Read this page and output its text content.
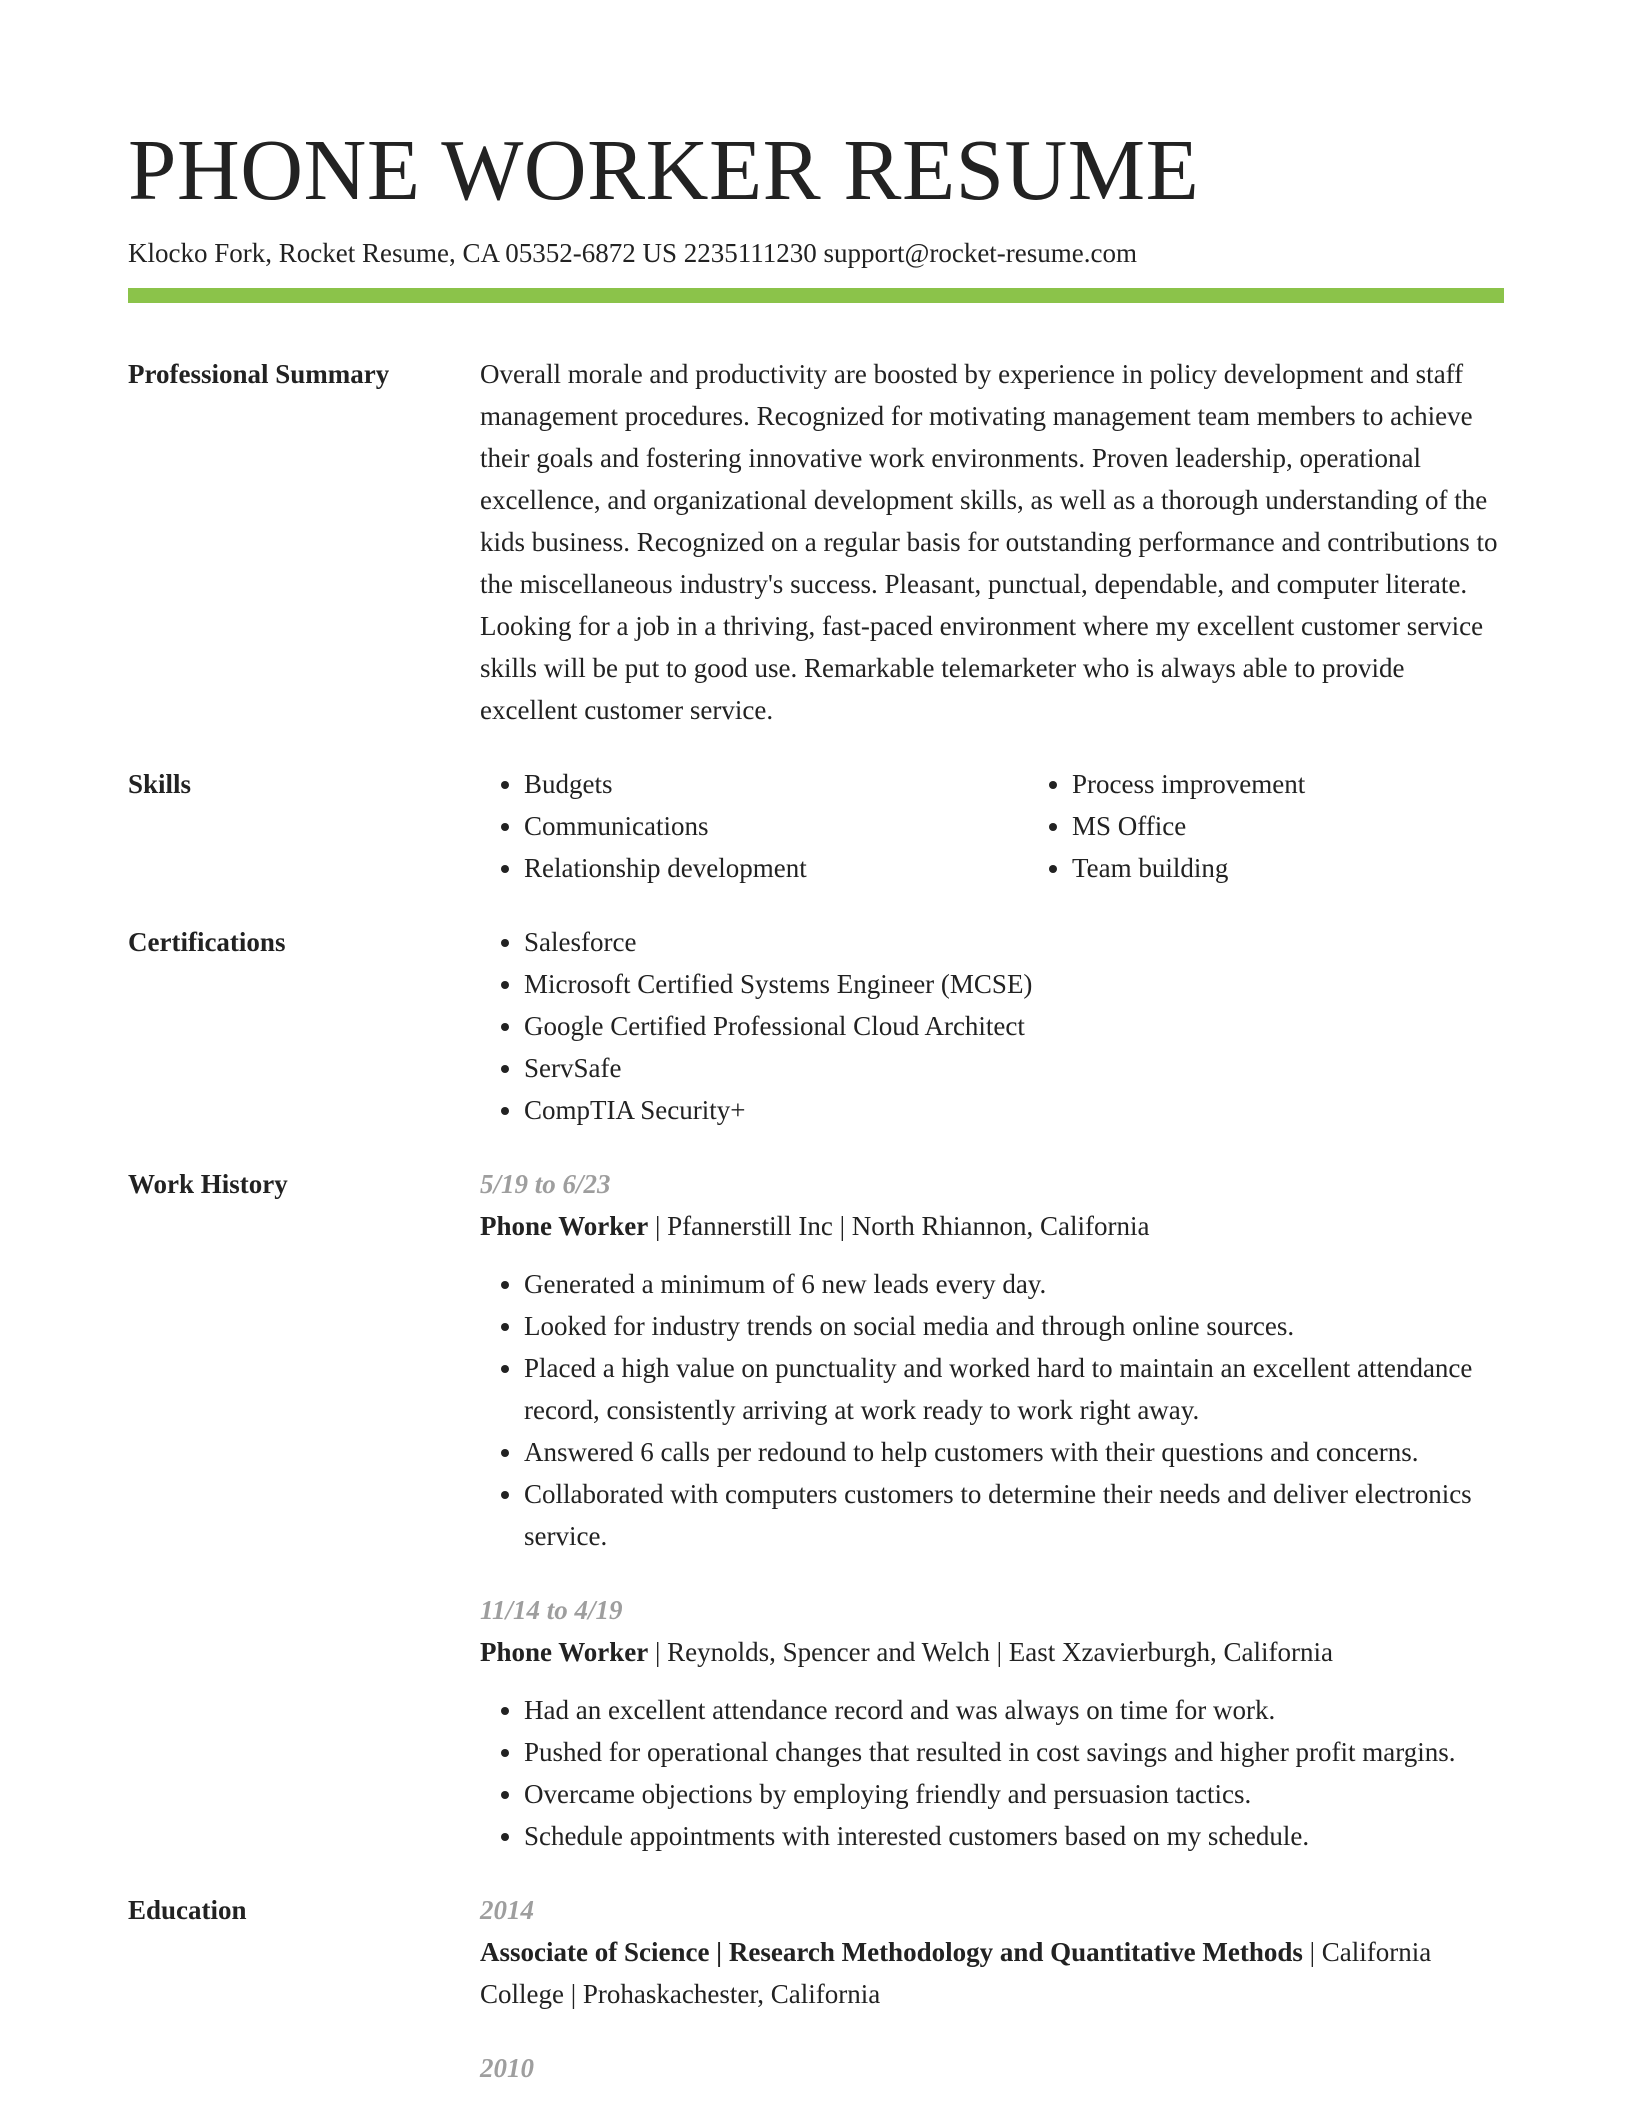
PHONE WORKER RESUME
Klocko Fork, Rocket Resume, CA 05352-6872 US 2235111230 support@rocket-resume.com
Professional Summary	Overall morale and productivity are boosted by experience in policy development and staff management procedures. Recognized for motivating management team members to achieve their goals and fostering innovative work environments. Proven leadership, operational excellence, and organizational development skills, as well as a thorough understanding of the kids business. Recognized on a regular basis for outstanding performance and contributions to the miscellaneous industry's success. Pleasant, punctual, dependable, and computer literate. Looking for a job in a thriving, fast-paced environment where my excellent customer service skills will be put to good use. Remarkable telemarketer who is always able to provide excellent customer service.

Skills	• Budgets
• Communications
• Relationship development
• Process improvement
• MS Office
• Team building
Certifications	• Salesforce
• Microsoft Certified Systems Engineer (MCSE)
• Google Certified Professional Cloud Architect
• ServSafe
• CompTIA Security+
Work History	5/19 to 6/23
Phone Worker | Pfannerstill Inc | North Rhiannon, California
• Generated a minimum of 6 new leads every day.
• Looked for industry trends on social media and through online sources.
• Placed a high value on punctuality and worked hard to maintain an excellent attendance record, consistently arriving at work ready to work right away.
• Answered 6 calls per redound to help customers with their questions and concerns.
• Collaborated with computers customers to determine their needs and deliver electronics service.
11/14 to 4/19
Phone Worker | Reynolds, Spencer and Welch | East Xzavierburgh, California
• Had an excellent attendance record and was always on time for work.
• Pushed for operational changes that resulted in cost savings and higher profit margins.
• Overcame objections by employing friendly and persuasion tactics.
• Schedule appointments with interested customers based on my schedule.
Education	2014
Associate of Science | Research Methodology and Quantitative Methods | California College | Prohaskachester, California
2010
